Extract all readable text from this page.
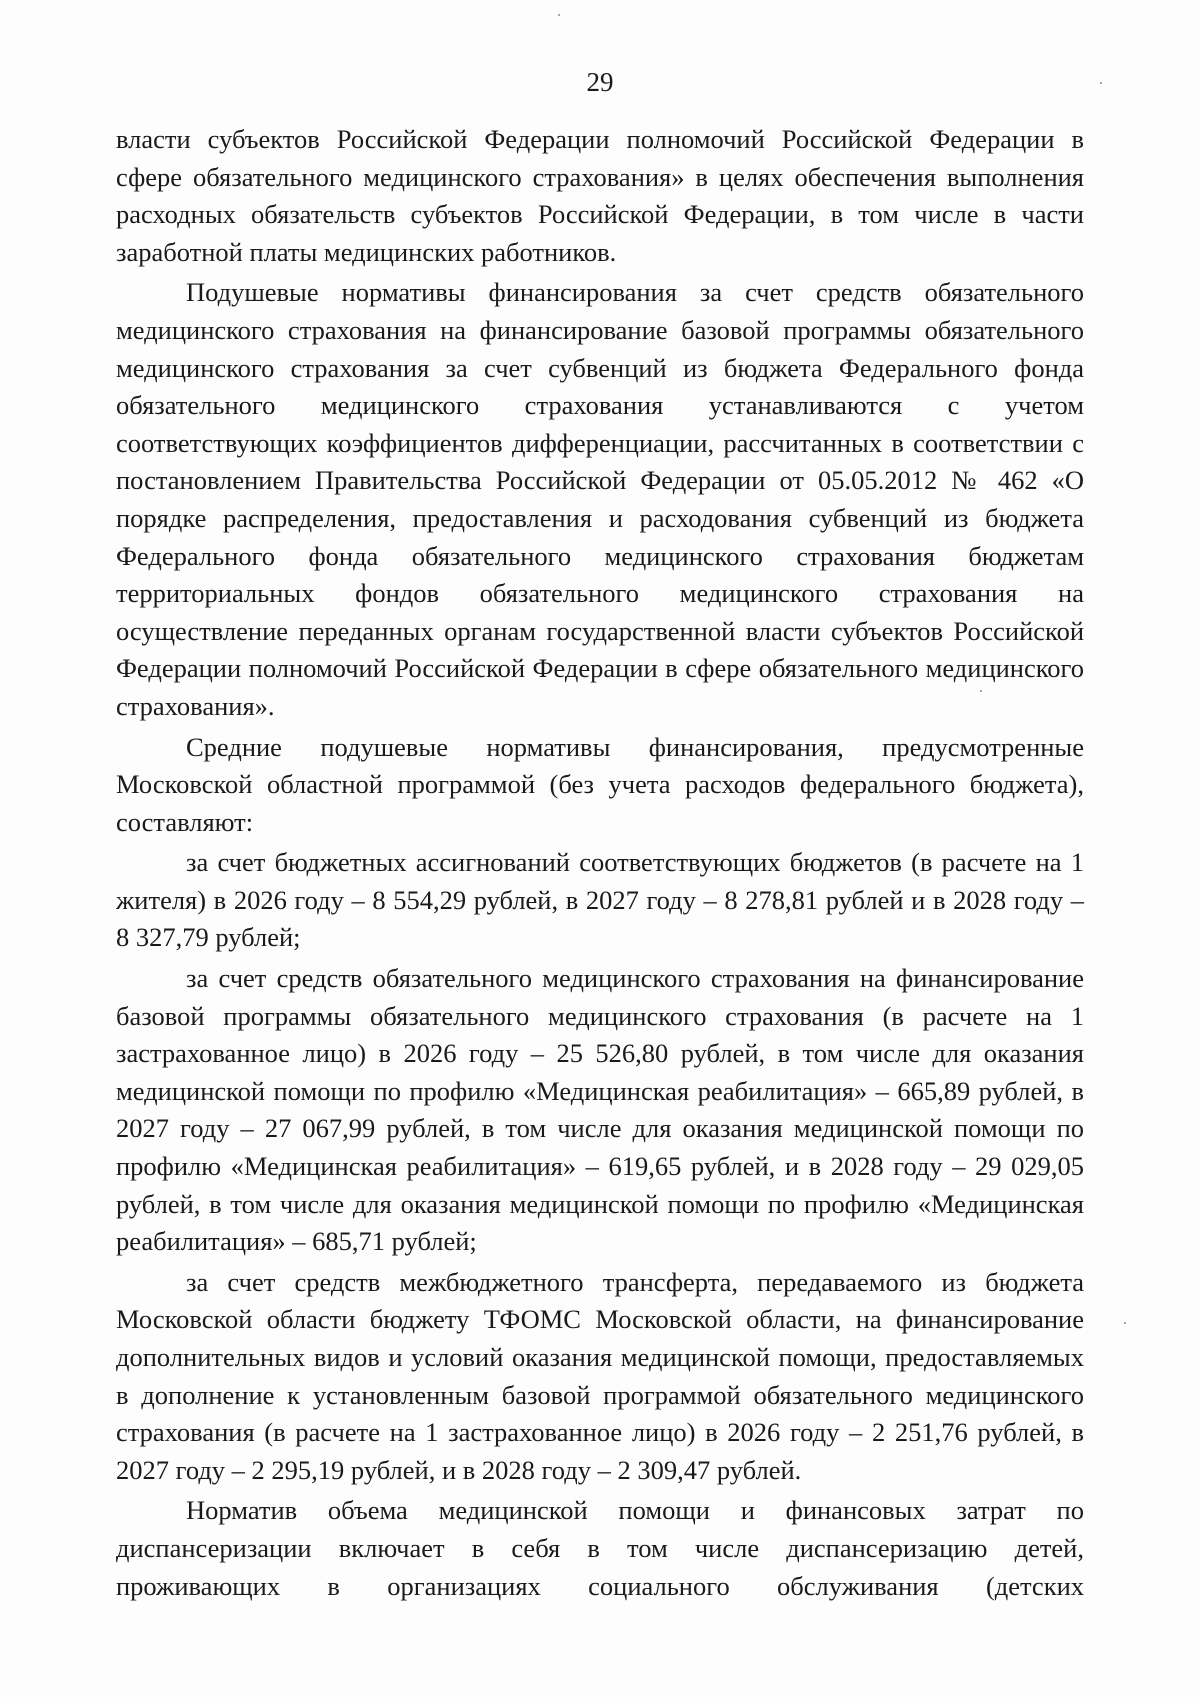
29

власти субъектов Российской Федерации полномочий Российской Федерации в сфере обязательного медицинского страхования» в целях обеспечения выполнения расходных обязательств субъектов Российской Федерации, в том числе в части заработной платы медицинских работников.

Подушевые нормативы финансирования за счет средств обязательного медицинского страхования на финансирование базовой программы обязательного медицинского страхования за счет субвенций из бюджета Федерального фонда обязательного медицинского страхования устанавливаются с учетом соответствующих коэффициентов дифференциации, рассчитанных в соответствии с постановлением Правительства Российской Федерации от 05.05.2012 № 462 «О порядке распределения, предоставления и расходования субвенций из бюджета Федерального фонда обязательного медицинского страхования бюджетам территориальных фондов обязательного медицинского страхования на осуществление переданных органам государственной власти субъектов Российской Федерации полномочий Российской Федерации в сфере обязательного медицинского страхования».

Средние подушевые нормативы финансирования, предусмотренные Московской областной программой (без учета расходов федерального бюджета), составляют:

за счет бюджетных ассигнований соответствующих бюджетов (в расчете на 1 жителя) в 2026 году – 8 554,29 рублей, в 2027 году – 8 278,81 рублей и в 2028 году – 8 327,79 рублей;

за счет средств обязательного медицинского страхования на финансирование базовой программы обязательного медицинского страхования (в расчете на 1 застрахованное лицо) в 2026 году – 25 526,80 рублей, в том числе для оказания медицинской помощи по профилю «Медицинская реабилитация» – 665,89 рублей, в 2027 году – 27 067,99 рублей, в том числе для оказания медицинской помощи по профилю «Медицинская реабилитация» – 619,65 рублей, и в 2028 году – 29 029,05 рублей, в том числе для оказания медицинской помощи по профилю «Медицинская реабилитация» – 685,71 рублей;

за счет средств межбюджетного трансферта, передаваемого из бюджета Московской области бюджету ТФОМС Московской области, на финансирование дополнительных видов и условий оказания медицинской помощи, предоставляемых в дополнение к установленным базовой программой обязательного медицинского страхования (в расчете на 1 застрахованное лицо) в 2026 году – 2 251,76 рублей, в 2027 году – 2 295,19 рублей, и в 2028 году – 2 309,47 рублей.

Норматив объема медицинской помощи и финансовых затрат по диспансеризации включает в себя в том числе диспансеризацию детей, проживающих в организациях социального обслуживания (детских
